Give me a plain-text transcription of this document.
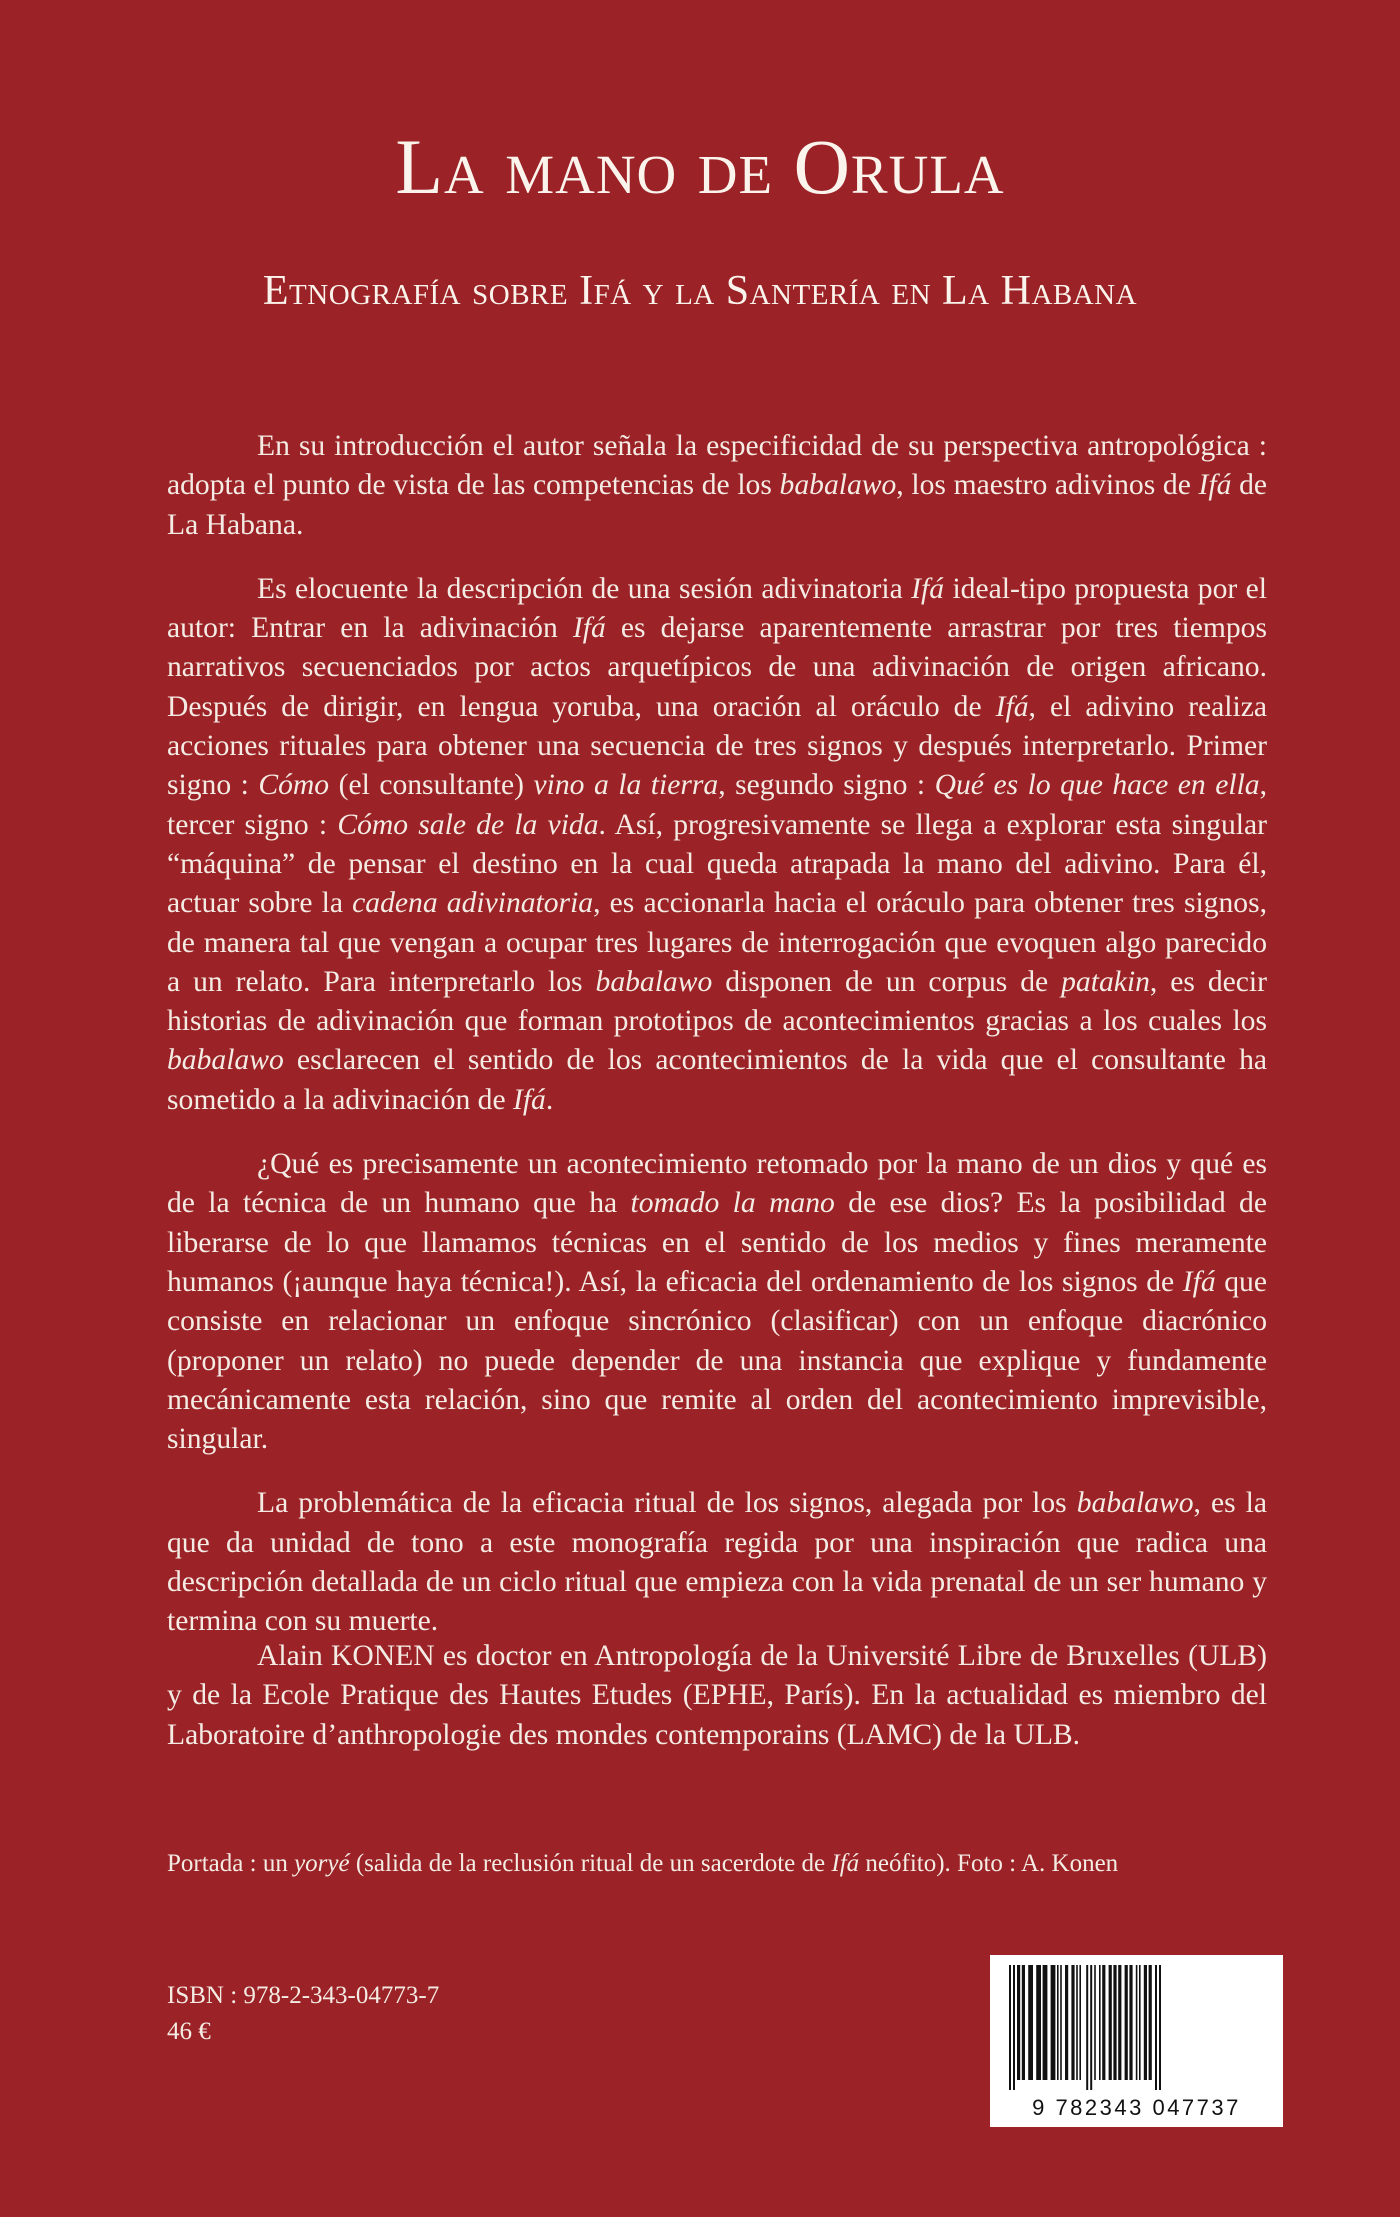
La mano de Orula
Etnografía sobre Ifá y la Santería en La Habana

En su introducción el autor señala la especificidad de su perspectiva antropológica : adopta el punto de vista de las competencias de los babalawo, los maestro adivinos de Ifá de La Habana.

Es elocuente la descripción de una sesión adivinatoria Ifá ideal-tipo propuesta por el autor: Entrar en la adivinación Ifá es dejarse aparentemente arrastrar por tres tiempos narrativos secuenciados por actos arquetípicos de una adivinación de origen africano. Después de dirigir, en lengua yoruba, una oración al oráculo de Ifá, el adivino realiza acciones rituales para obtener una secuencia de tres signos y después interpretarlo. Primer signo : Cómo (el consultante) vino a la tierra, segundo signo : Qué es lo que hace en ella, tercer signo : Cómo sale de la vida. Así, progresivamente se llega a explorar esta singular “máquina” de pensar el destino en la cual queda atrapada la mano del adivino. Para él, actuar sobre la cadena adivinatoria, es accionarla hacia el oráculo para obtener tres signos, de manera tal que vengan a ocupar tres lugares de interrogación que evoquen algo parecido a un relato. Para interpretarlo los babalawo disponen de un corpus de patakin, es decir historias de adivinación que forman prototipos de acontecimientos gracias a los cuales los babalawo esclarecen el sentido de los acontecimientos de la vida que el consultante ha sometido a la adivinación de Ifá.

¿Qué es precisamente un acontecimiento retomado por la mano de un dios y qué es de la técnica de un humano que ha tomado la mano de ese dios? Es la posibilidad de liberarse de lo que llamamos técnicas en el sentido de los medios y fines meramente humanos (¡aunque haya técnica!). Así, la eficacia del ordenamiento de los signos de Ifá que consiste en relacionar un enfoque sincrónico (clasificar) con un enfoque diacrónico (proponer un relato) no puede depender de una instancia que explique y fundamente mecánicamente esta relación, sino que remite al orden del acontecimiento imprevisible, singular.

La problemática de la eficacia ritual de los signos, alegada por los babalawo, es la que da unidad de tono a este monografía regida por una inspiración que radica una descripción detallada de un ciclo ritual que empieza con la vida prenatal de un ser humano y termina con su muerte.

Alain KONEN es doctor en Antropología de la Université Libre de Bruxelles (ULB) y de la Ecole Pratique des Hautes Etudes (EPHE, París). En la actualidad es miembro del Laboratoire d’anthropologie des mondes contemporains (LAMC) de la ULB.

Portada : un yoryé (salida de la reclusión ritual de un sacerdote de Ifá neófito). Foto : A. Konen
ISBN : 978-2-343-04773-7
46 €
9 782343 047737
